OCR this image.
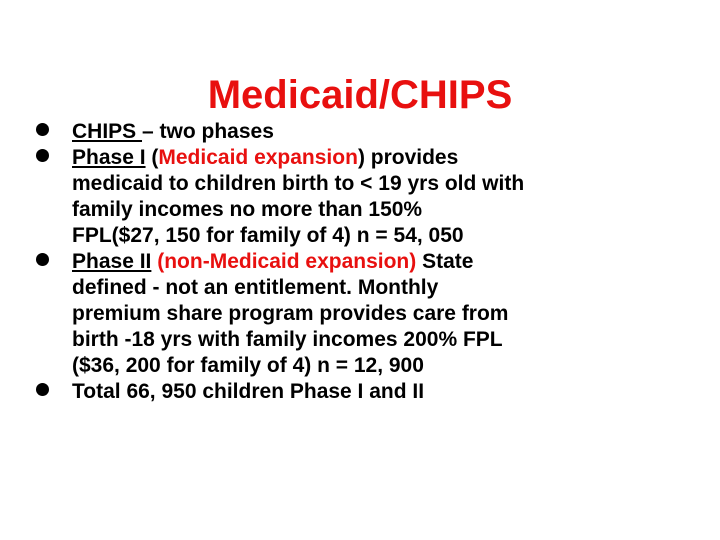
Medicaid/CHIPS
CHIPS – two phases
Phase I (Medicaid expansion) provides
medicaid to children birth to < 19 yrs old with
family incomes no more than 150%
FPL($27, 150 for family of 4) n = 54, 050
Phase II (non-Medicaid expansion) State
defined - not an entitlement. Monthly
premium share program provides care from
birth -18 yrs with family incomes 200% FPL
($36, 200 for family of 4) n = 12, 900
Total 66, 950 children Phase I and II
